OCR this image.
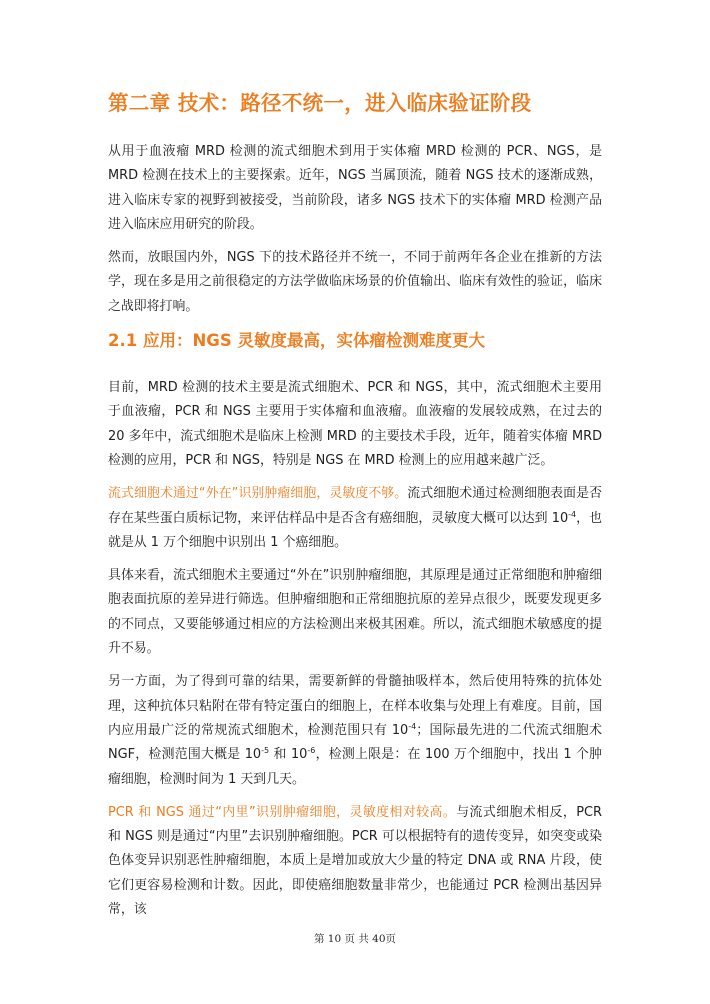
第二章 技术：路径不统一，进入临床验证阶段

从用于血液瘤 MRD 检测的流式细胞术到用于实体瘤 MRD 检测的 PCR、NGS，是 MRD 检测在技术上的主要探索。近年，NGS 当属顶流，随着 NGS 技术的逐渐成熟，进入临床专家的视野到被接受，当前阶段，诸多 NGS 技术下的实体瘤 MRD 检测产品进入临床应用研究的阶段。

然而，放眼国内外，NGS 下的技术路径并不统一，不同于前两年各企业在推新的方法学，现在多是用之前很稳定的方法学做临床场景的价值输出、临床有效性的验证，临床之战即将打响。

2.1 应用：NGS 灵敏度最高，实体瘤检测难度更大

目前，MRD 检测的技术主要是流式细胞术、PCR 和 NGS，其中，流式细胞术主要用于血液瘤，PCR 和 NGS 主要用于实体瘤和血液瘤。血液瘤的发展较成熟，在过去的 20 多年中，流式细胞术是临床上检测 MRD 的主要技术手段，近年，随着实体瘤 MRD 检测的应用，PCR 和 NGS，特别是 NGS 在 MRD 检测上的应用越来越广泛。

流式细胞术通过“外在”识别肿瘤细胞，灵敏度不够。流式细胞术通过检测细胞表面是否存在某些蛋白质标记物，来评估样品中是否含有癌细胞，灵敏度大概可以达到 $10^{-4}$，也就是从 1 万个细胞中识别出 1 个癌细胞。

具体来看，流式细胞术主要通过“外在”识别肿瘤细胞，其原理是通过正常细胞和肿瘤细胞表面抗原的差异进行筛选。但肿瘤细胞和正常细胞抗原的差异点很少，既要发现更多的不同点，又要能够通过相应的方法检测出来极其困难。所以，流式细胞术敏感度的提升不易。

另一方面，为了得到可靠的结果，需要新鲜的骨髓抽吸样本，然后使用特殊的抗体处理，这种抗体只粘附在带有特定蛋白的细胞上，在样本收集与处理上有难度。目前，国内应用最广泛的常规流式细胞术，检测范围只有 $10^{-4}$；国际最先进的二代流式细胞术 NGF，检测范围大概是 $10^{-5}$ 和 $10^{-6}$，检测上限是：在 100 万个细胞中，找出 1 个肿瘤细胞，检测时间为 1 天到几天。

PCR 和 NGS 通过“内里”识别肿瘤细胞，灵敏度相对较高。与流式细胞术相反，PCR 和 NGS 则是通过“内里”去识别肿瘤细胞。PCR 可以根据特有的遗传变异，如突变或染色体变异识别恶性肿瘤细胞，本质上是增加或放大少量的特定 DNA 或 RNA 片段，使它们更容易检测和计数。因此，即使癌细胞数量非常少，也能通过 PCR 检测出基因异常，该

第 10 页 共 40页
